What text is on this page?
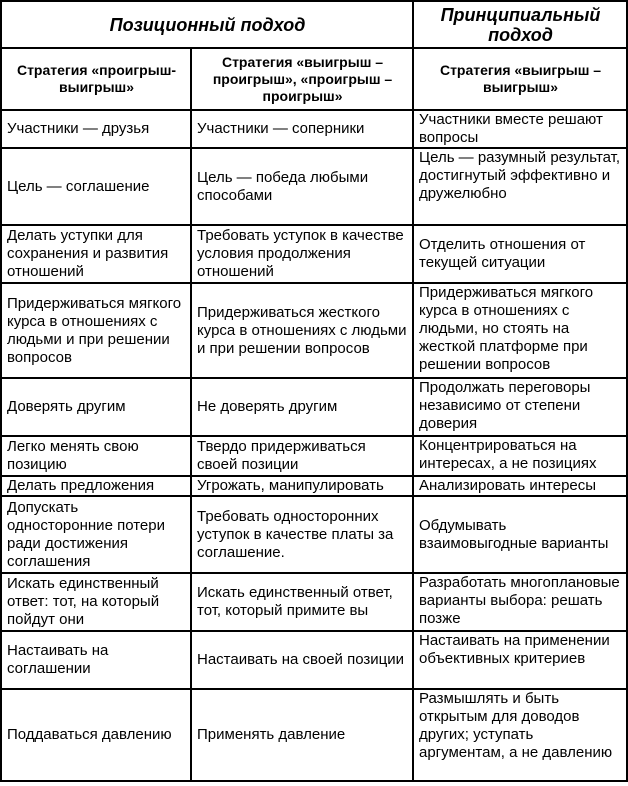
Позиционный подход		Принципиальный подход
Стратегия «проигрыш-выигрыш»	Стратегия «выигрыш – проигрыш», «проигрыш – проигрыш»	Стратегия «выигрыш – выигрыш»
Участники — друзья	Участники — соперники	Участники вместе решают вопросы
Цель — соглашение	Цель — победа любыми способами	Цель — разумный результат, достигнутый эффективно и дружелюбно
Делать уступки для сохранения и развития отношений	Требовать уступок в качестве условия продолжения отношений	Отделить отношения от текущей ситуации
Придерживаться мягкого курса в отношениях с людьми и при решении вопросов	Придерживаться жесткого курса в отношениях с людьми и при решении вопросов	Придерживаться мягкого курса в отношениях с людьми, но стоять на жесткой платформе при решении вопросов
Доверять другим	Не доверять другим	Продолжать переговоры независимо от степени доверия
Легко менять свою позицию	Твердо придерживаться своей позиции	Концентрироваться на интересах, а не позициях
Делать предложения	Угрожать, манипулировать	Анализировать интересы
Допускать односторонние потери ради достижения соглашения	Требовать односторонних уступок в качестве платы за соглашение.	Обдумывать взаимовыгодные варианты
Искать единственный ответ: тот, на который пойдут они	Искать единственный ответ, тот, который примите вы	Разработать многоплановые варианты выбора: решать позже
Настаивать на соглашении	Настаивать на своей позиции	Настаивать на применении объективных критериев
Поддаваться давлению	Применять давление	Размышлять и быть открытым для доводов других; уступать аргументам, а не давлению
